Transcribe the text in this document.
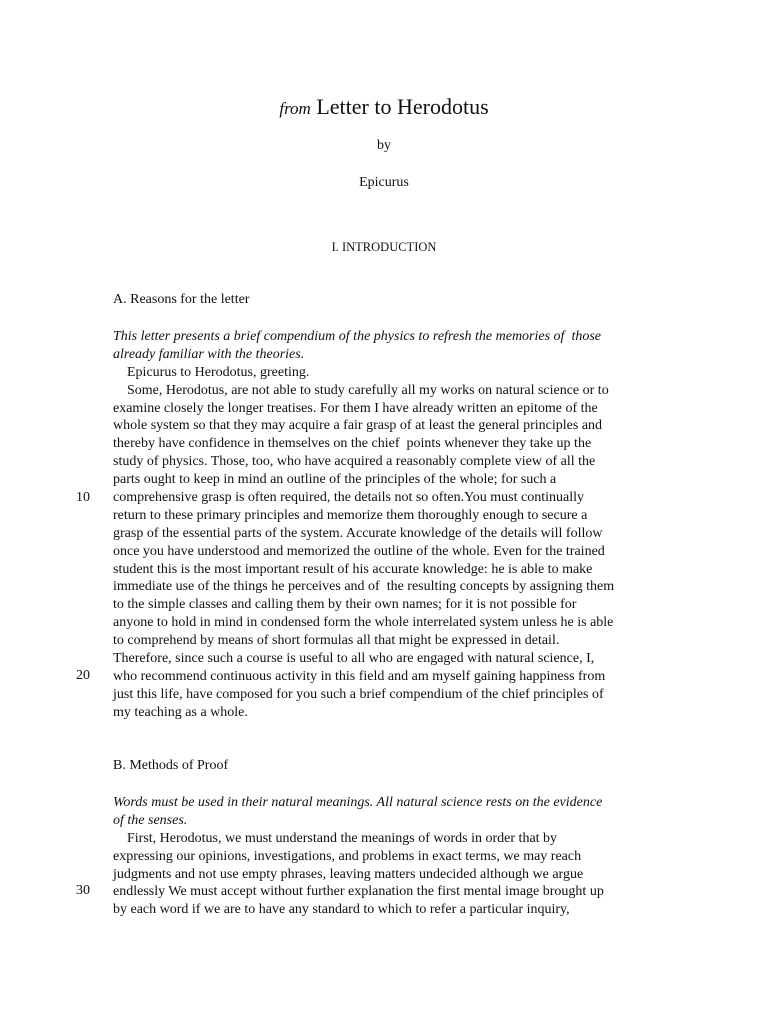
from Letter to Herodotus
by
Epicurus
I. INTRODUCTION
A. Reasons for the letter
This letter presents a brief compendium of the physics to refresh the memories of  those
already familiar with the theories.
Epicurus to Herodotus, greeting.
Some, Herodotus, are not able to study carefully all my works on natural science or to
examine closely the longer treatises. For them I have already written an epitome of the
whole system so that they may acquire a fair grasp of at least the general principles and
thereby have confidence in themselves on the chief  points whenever they take up the
study of physics. Those, too, who have acquired a reasonably complete view of all the
parts ought to keep in mind an outline of the principles of the whole; for such a
comprehensive grasp is often required, the details not so often.You must continually
return to these primary principles and memorize them thoroughly enough to secure a
grasp of the essential parts of the system. Accurate knowledge of the details will follow
once you have understood and memorized the outline of the whole. Even for the trained
student this is the most important result of his accurate knowledge: he is able to make
immediate use of the things he perceives and of  the resulting concepts by assigning them
to the simple classes and calling them by their own names; for it is not possible for
anyone to hold in mind in condensed form the whole interrelated system unless he is able
to comprehend by means of short formulas all that might be expressed in detail.
Therefore, since such a course is useful to all who are engaged with natural science, I,
who recommend continuous activity in this field and am myself gaining happiness from
just this life, have composed for you such a brief compendium of the chief principles of
my teaching as a whole.
10
20
B. Methods of Proof
Words must be used in their natural meanings. All natural science rests on the evidence
of the senses.
First, Herodotus, we must understand the meanings of words in order that by
expressing our opinions, investigations, and problems in exact terms, we may reach
judgments and not use empty phrases, leaving matters undecided although we argue
endlessly We must accept without further explanation the first mental image brought up
by each word if we are to have any standard to which to refer a particular inquiry,
30
